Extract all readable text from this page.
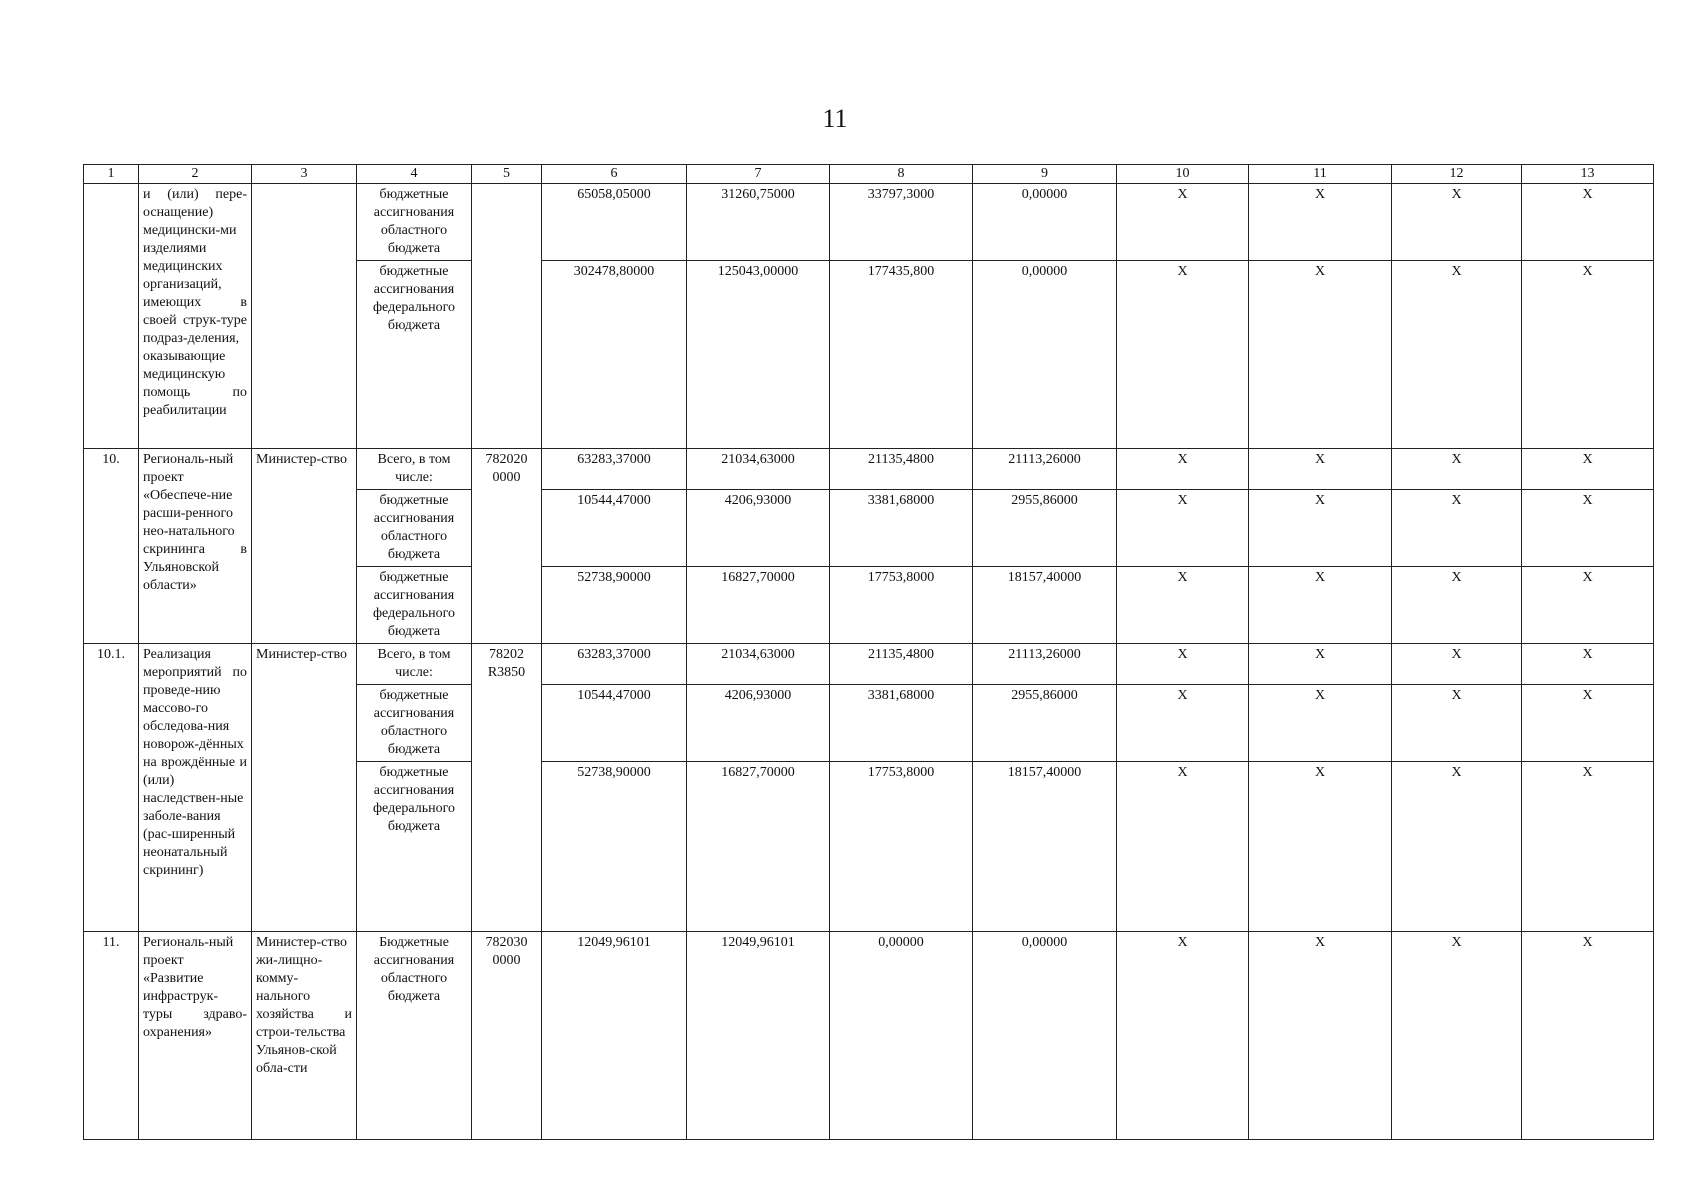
11
1	2	3	4	5	6	7	8	9	10	11	12	13
	и (или) пере-оснащение) медицински-ми изделиями медицинских организаций, имеющих в своей струк-туре подраз-деления, оказывающие медицинскую помощь по реабилитации		бюджетные ассигнования областного бюджета		65058,05000	31260,75000	33797,3000	0,00000	X	X	X	X
			бюджетные ассигнования федерального бюджета		302478,80000	125043,00000	177435,800	0,00000	X	X	X	X
10.	Региональ-ный проект «Обеспече-ние расши-ренного нео-натального скрининга в Ульяновской области»	Министер-ство	Всего, в том числе:	782020 0000	63283,37000	21034,63000	21135,4800	21113,26000	X	X	X	X
			бюджетные ассигнования областного бюджета		10544,47000	4206,93000	3381,68000	2955,86000	X	X	X	X
			бюджетные ассигнования федерального бюджета		52738,90000	16827,70000	17753,8000	18157,40000	X	X	X	X
10.1.	Реализация мероприятий по проведе-нию массово-го обследова-ния новорож-дённых на врождённые и (или) наследствен-ные заболе-вания (рас-ширенный неонатальный скрининг)	Министер-ство	Всего, в том числе:	78202 R3850	63283,37000	21034,63000	21135,4800	21113,26000	X	X	X	X
			бюджетные ассигнования областного бюджета		10544,47000	4206,93000	3381,68000	2955,86000	X	X	X	X
			бюджетные ассигнования федерального бюджета		52738,90000	16827,70000	17753,8000	18157,40000	X	X	X	X
11.	Региональ-ный проект «Развитие инфраструк-туры здраво-охранения»	Министер-ство жи-лищно-комму-нального хозяйства и строи-тельства Ульянов-ской обла-сти	Бюджетные ассигнования областного бюджета	782030 0000	12049,96101	12049,96101	0,00000	0,00000	X	X	X	X
